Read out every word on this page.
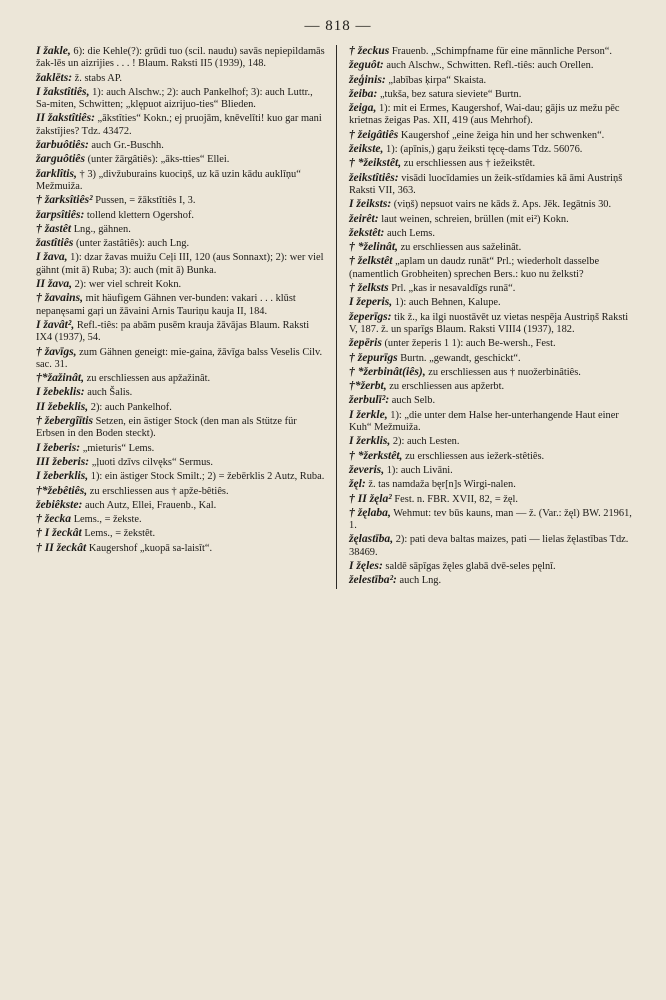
— 818 —

I žakle, 6): die Kehle(?): grūdi tuo (scil. naudu) savās nepiepildamās žak-lēs un aizrijies . . . ! Blaum. Raksti II5 (1939), 148.

žaklēts: ž. stabs AP.

I žakstîtiês, 1): auch Alschw.; 2): auch Pankelhof; 3): auch Luttr., Sa-miten, Schwitten; „klępuot aizrijuo-ties“ Blieden.

II žakstîtiês: „ākstîties“ Kokn.; ej pruojām, knēvelīti! kuo gar mani žakstîjies? Tdz. 43472.

žarbuôtiês: auch Gr.-Buschh.

žarguôtiês (unter žārgâtiês): „āks-tties“ Ellei.

žarklîtis, † 3) „divžuburains kuociņš, uz kā uzin kādu auklīņu“ Mežmuiža.

† žarksîtiês² Pussen, = žākstîtiês I, 3.

žarpsîtiês: tollend klettern Ogershof.

† žastêt Lng., gähnen.

žastîtiês (unter žastâtiês): auch Lng.

I žava, 1): dzar žavas muižu Ceļi III, 120 (aus Sonnaxt); 2): wer viel gähnt (mit ā) Ruba; 3): auch (mit ā) Bunka.

II žava, 2): wer viel schreit Kokn.

† žavains, mit häufigem Gähnen ver-bunden: vakari . . . klūst nepanęsami gaŗi un žāvaini Arnis Tauriņu kauja II, 184.

I žavât², Refl.-tiês: pa abām pusēm krauja žāvājas Blaum. Raksti IX4 (1937), 54.

† žavīgs, zum Gähnen geneigt: mie-gaina, žāvīga balss Veselis Cilv. sac. 31.

†*žažinât, zu erschliessen aus apžažinât.

I žebeklis: auch Šalis.

II žebeklis, 2): auch Pankelhof.

† žebergîītis Setzen, ein ästiger Stock (den man als Stütze für Erbsen in den Boden steckt).

I žeberis: „mieturis“ Lems.

III žeberis: „ļuoti dzīvs cilvęks“ Sermus.

I žeberklis, 1): ein ästiger Stock Smilt.; 2) = žebērklis 2 Autz, Ruba.

†*žebêtiês, zu erschliessen aus † apže-bêtiês.

žebiêkste: auch Autz, Ellei, Frauenb., Kal.

† žecka Lems., = žekste.

† I žeckât Lems., = žekstêt.

† II žeckât Kaugershof „kuopā sa-laisīt“.

† žeckus Frauenb. „Schimpfname für eine männliche Person“.

žeguôt: auch Alschw., Schwitten. Refl.-tiês: auch Orellen.

žeģinis: „labības ķirpa“ Skaista.

žeiba: „tukša, bez satura sieviete“ Burtn.

žeiga, 1): mit ei Ermes, Kaugershof, Wai-dau; gājis uz mežu pēc krietnas žeigas Pas. XII, 419 (aus Mehrhof).

† žeigâtiês Kaugershof „eine žeiga hin und her schwenken“.

žeikste, 1): (apīnis,) gaŗu žeiksti tęcę-dams Tdz. 56076.

† *žeikstêt, zu erschliessen aus † iežeikstêt.

žeikstîtiês: visādi luocīdamies un žeik-stīdamies kā āmi Austriņš Raksti VII, 363.

I žeiksts: (viņš) nepsuot vairs ne kāds ž. Aps. Jēk. Iegātnis 30.

žeirêt: laut weinen, schreien, brüllen (mit ei²) Kokn.

žekstêt: auch Lems.

† *želinât, zu erschliessen aus sažełinât.

† želkstêt „aplam un daudz runāt“ Prl.; wiederholt dasselbe (namentlich Grobheiten) sprechen Bers.: kuo nu želksti?

† želksts Prl. „kas ir nesavaldīgs runā“.

I žeperis, 1): auch Behnen, Kalupe.

žeperīgs: tik ž., ka ilgi nuostāvēt uz vietas nespēja Austriņš Raksti V, 187. ž. un sparīgs Blaum. Raksti VIII4 (1937), 182.

žepēris (unter žeperis 1 1): auch Be-wersh., Fest.

† žepurīgs Burtn. „gewandt, geschickt“.

† *žerbinât(iês), zu erschliessen aus † nuožerbinâtiês.

†*žerbt, zu erschliessen aus apžerbt.

žerbulī²: auch Selb.

I žerkle, 1): „die unter dem Halse her-unterhangende Haut einer Kuh“ Mežmuiža.

I žerklis, 2): auch Lesten.

† *žerkstêt, zu erschliessen aus iežerk-stêtiês.

ževeris, 1): auch Livāni.

žęl: ž. tas namdaža bęr[n]s Wirgi-nalen.

† II žęla² Fest. n. FBR. XVII, 82, = žęl.

† žęlaba, Wehmut: tev būs kauns, man — ž. (Var.: žęl) BW. 21961, 1.

žęlastība, 2): pati deva baltas maizes, pati — lielas žęlastības Tdz. 38469.

I žęles: saldē sāpīgas žęles glabā dvē-seles pęlnī.

želestība²: auch Lng.
